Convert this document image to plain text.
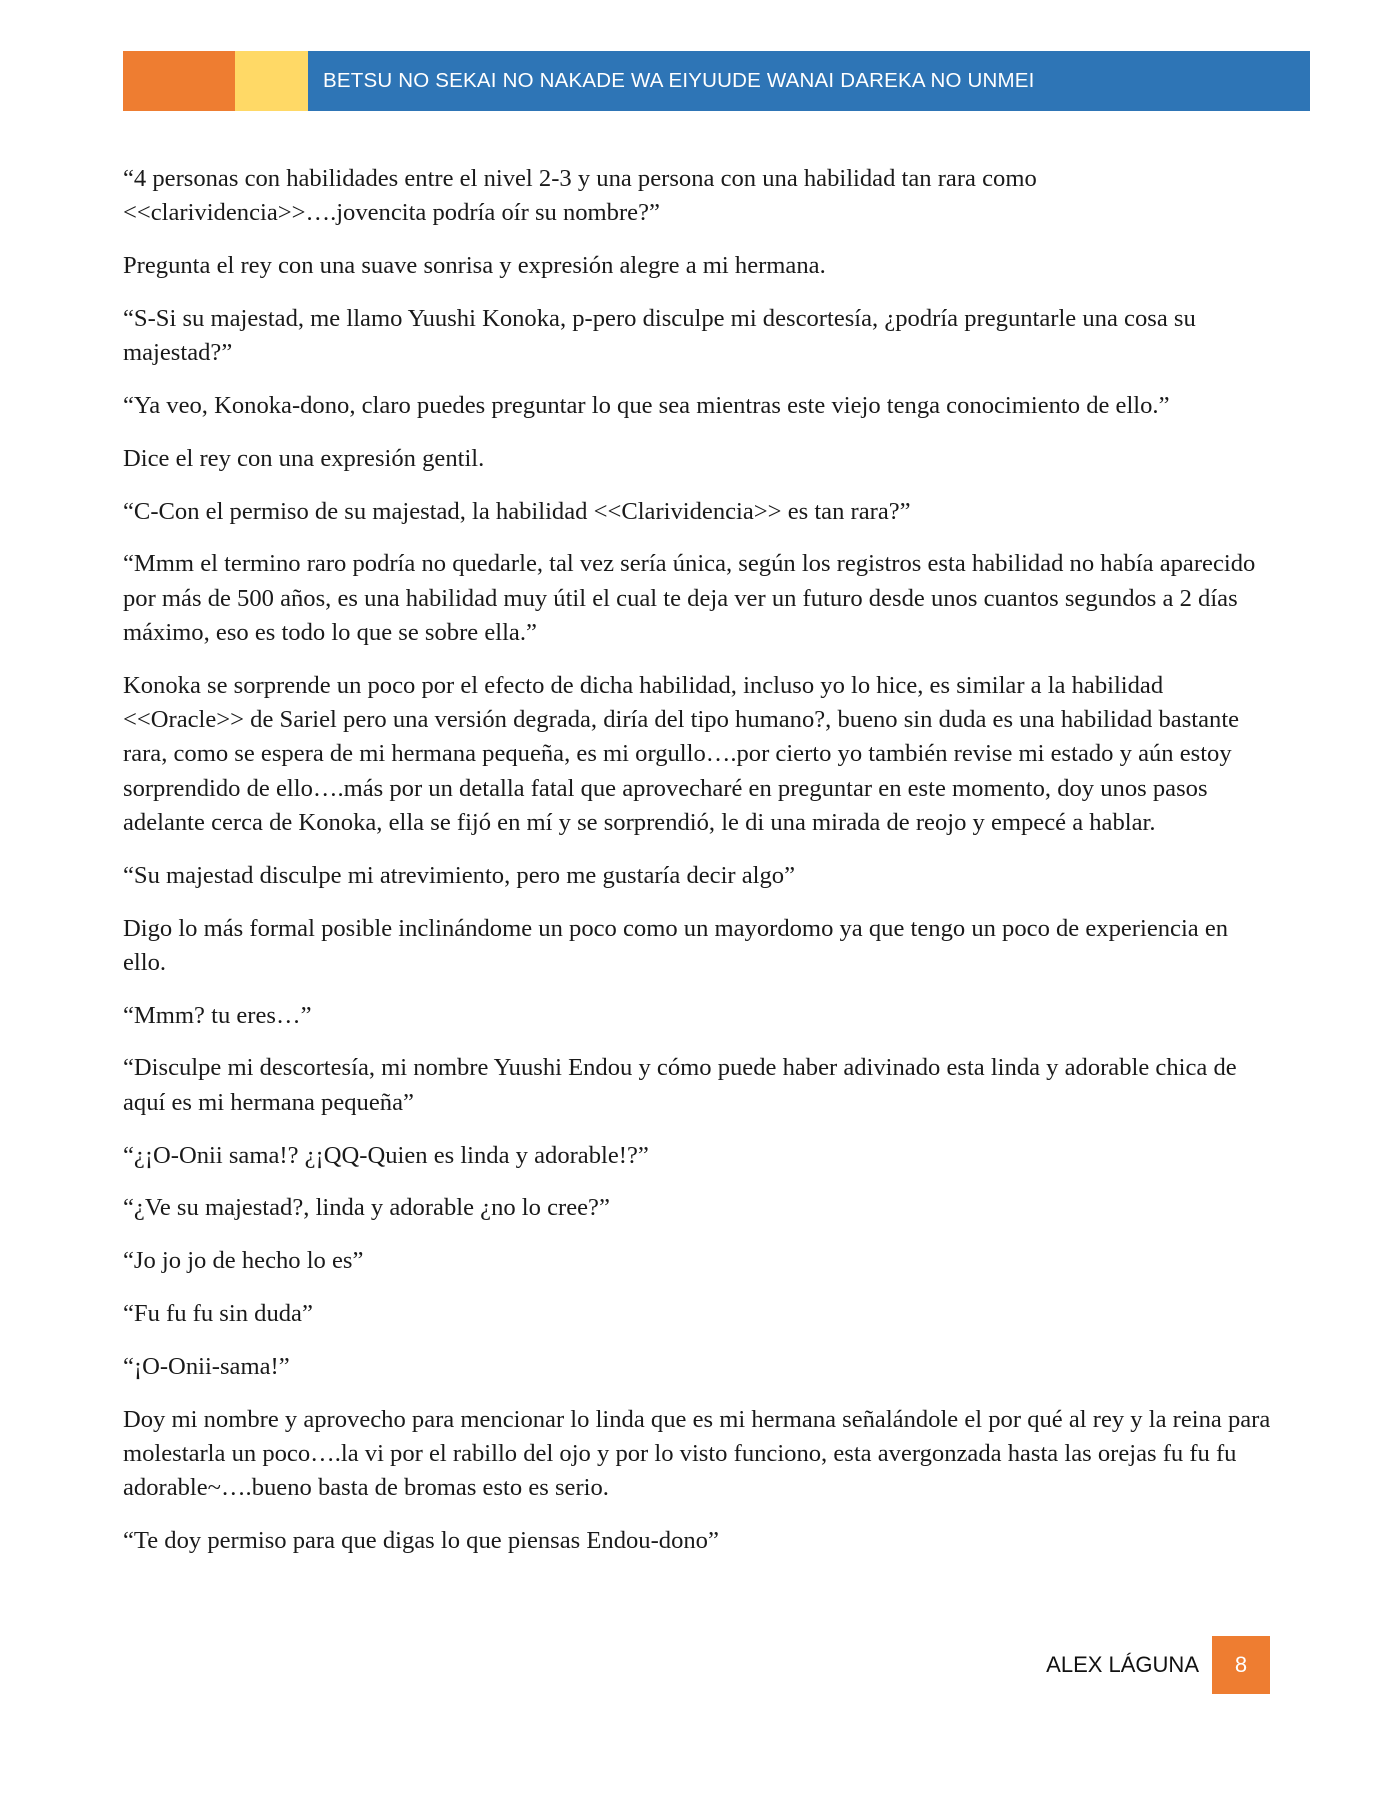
BETSU NO SEKAI NO NAKADE WA EIYUUDE WANAI DAREKA NO UNMEI

“4 personas con habilidades entre el nivel 2-3 y una persona con una habilidad tan rara como <<clarividencia>>….jovencita podría oír su nombre?”

Pregunta el rey con una suave sonrisa y expresión alegre a mi hermana.

“S-Si su majestad, me llamo Yuushi Konoka, p-pero disculpe mi descortesía, ¿podría preguntarle una cosa su majestad?”

“Ya veo, Konoka-dono, claro puedes preguntar lo que sea mientras este viejo tenga conocimiento de ello.”

Dice el rey con una expresión gentil.

“C-Con el permiso de su majestad, la habilidad <<Clarividencia>> es tan rara?”

“Mmm el termino raro podría no quedarle, tal vez sería única, según los registros esta habilidad no había aparecido por más de 500 años, es una habilidad muy útil el cual te deja ver un futuro desde unos cuantos segundos a 2 días máximo, eso es todo lo que se sobre ella.”

Konoka se sorprende un poco por el efecto de dicha habilidad, incluso yo lo hice, es similar a la habilidad <<Oracle>> de Sariel pero una versión degrada, diría del tipo humano?, bueno sin duda es una habilidad bastante rara, como se espera de mi hermana pequeña, es mi orgullo….por cierto yo también revise mi estado y aún estoy sorprendido de ello….más por un detalla fatal que aprovecharé en preguntar en este momento, doy unos pasos adelante cerca de Konoka, ella se fijó en mí y se sorprendió, le di una mirada de reojo y empecé a hablar.

“Su majestad disculpe mi atrevimiento, pero me gustaría decir algo”

Digo lo más formal posible inclinándome un poco como un mayordomo ya que tengo un poco de experiencia en ello.

“Mmm? tu eres…”

“Disculpe mi descortesía, mi nombre Yuushi Endou y cómo puede haber adivinado esta linda y adorable chica de aquí es mi hermana pequeña”

“¿¡O-Onii sama!? ¿¡QQ-Quien es linda y adorable!?”

“¿Ve su majestad?, linda y adorable ¿no lo cree?”

“Jo jo jo de hecho lo es”

“Fu fu fu sin duda”

“¡O-Onii-sama!”

Doy mi nombre y aprovecho para mencionar lo linda que es mi hermana señalándole el por qué al rey y la reina para molestarla un poco….la vi por el rabillo del ojo y por lo visto funciono, esta avergonzada hasta las orejas fu fu fu adorable~….bueno basta de bromas esto es serio.

“Te doy permiso para que digas lo que piensas Endou-dono”

ALEX LÁGUNA	8
